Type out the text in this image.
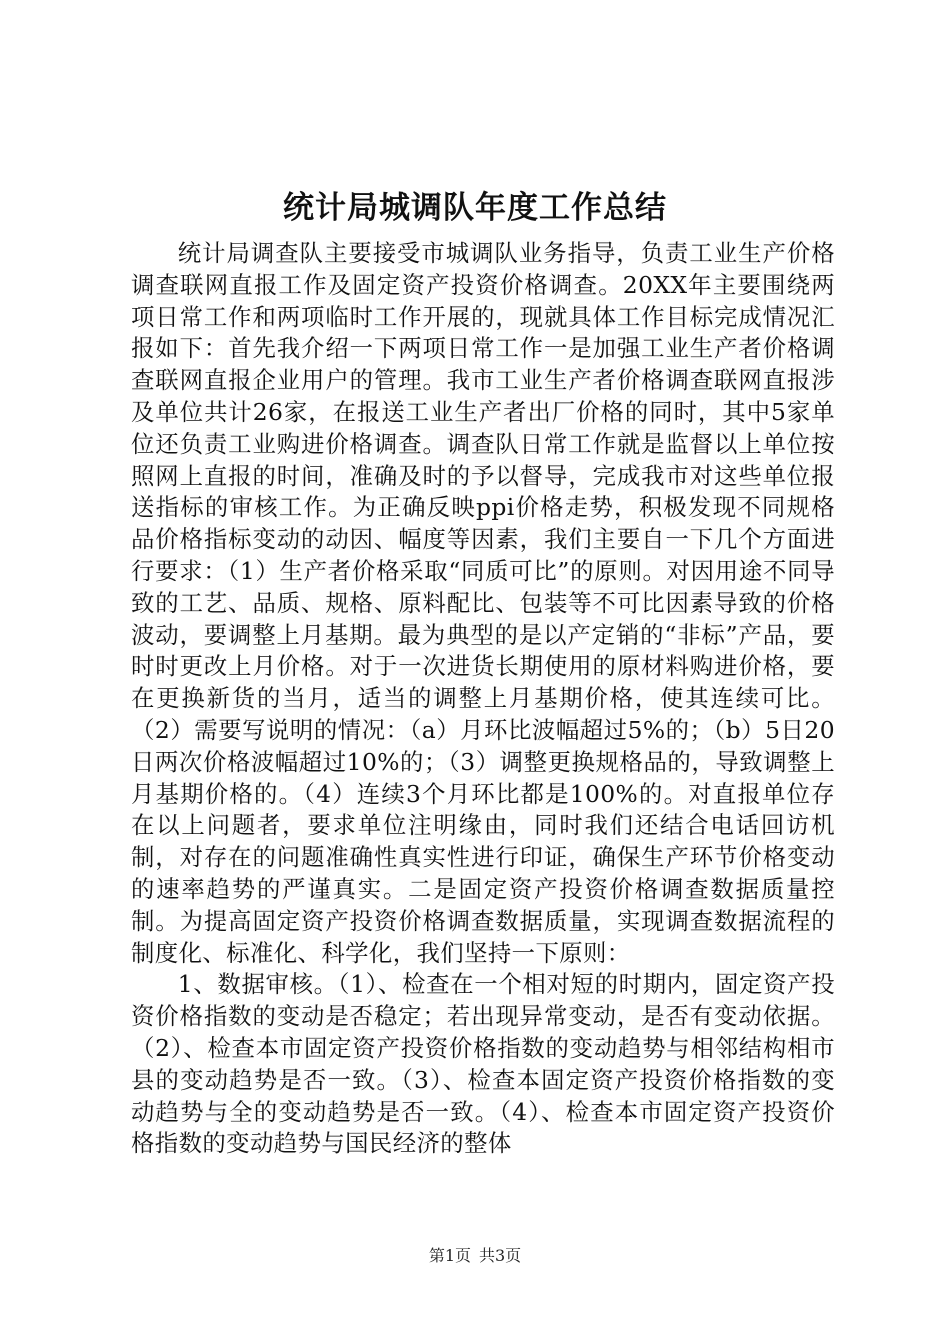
统计局城调队年度工作总结

统计局调查队主要接受市城调队业务指导，负责工业生产价格调查联网直报工作及固定资产投资价格调查。20XX年主要围绕两项日常工作和两项临时工作开展的，现就具体工作目标完成情况汇报如下：首先我介绍一下两项日常工作一是加强工业生产者价格调查联网直报企业用户的管理。我市工业生产者价格调查联网直报涉及单位共计26家，在报送工业生产者出厂价格的同时，其中5家单位还负责工业购进价格调查。调查队日常工作就是监督以上单位按照网上直报的时间，准确及时的予以督导，完成我市对这些单位报送指标的审核工作。为正确反映ppi价格走势，积极发现不同规格品价格指标变动的动因、幅度等因素，我们主要自一下几个方面进行要求：（1）生产者价格采取“同质可比”的原则。对因用途不同导致的工艺、品质、规格、原料配比、包装等不可比因素导致的价格波动，要调整上月基期。最为典型的是以产定销的“非标”产品，要时时更改上月价格。对于一次进货长期使用的原材料购进价格，要在更换新货的当月，适当的调整上月基期价格，使其连续可比。（2）需要写说明的情况：（a）月环比波幅超过5%的；（b）5日20日两次价格波幅超过10%的；（3）调整更换规格品的，导致调整上月基期价格的。（4）连续3个月环比都是100%的。对直报单位存在以上问题者，要求单位注明缘由，同时我们还结合电话回访机制，对存在的问题准确性真实性进行印证，确保生产环节价格变动的速率趋势的严谨真实。二是固定资产投资价格调查数据质量控制。为提高固定资产投资价格调查数据质量，实现调查数据流程的制度化、标准化、科学化，我们坚持一下原则：

1、数据审核。（1）、检查在一个相对短的时期内，固定资产投资价格指数的变动是否稳定；若出现异常变动，是否有变动依据。（2）、检查本市固定资产投资价格指数的变动趋势与相邻结构相市县的变动趋势是否一致。（3）、检查本固定资产投资价格指数的变动趋势与全的变动趋势是否一致。（4）、检查本市固定资产投资价格指数的变动趋势与国民经济的整体

第1页 共3页
